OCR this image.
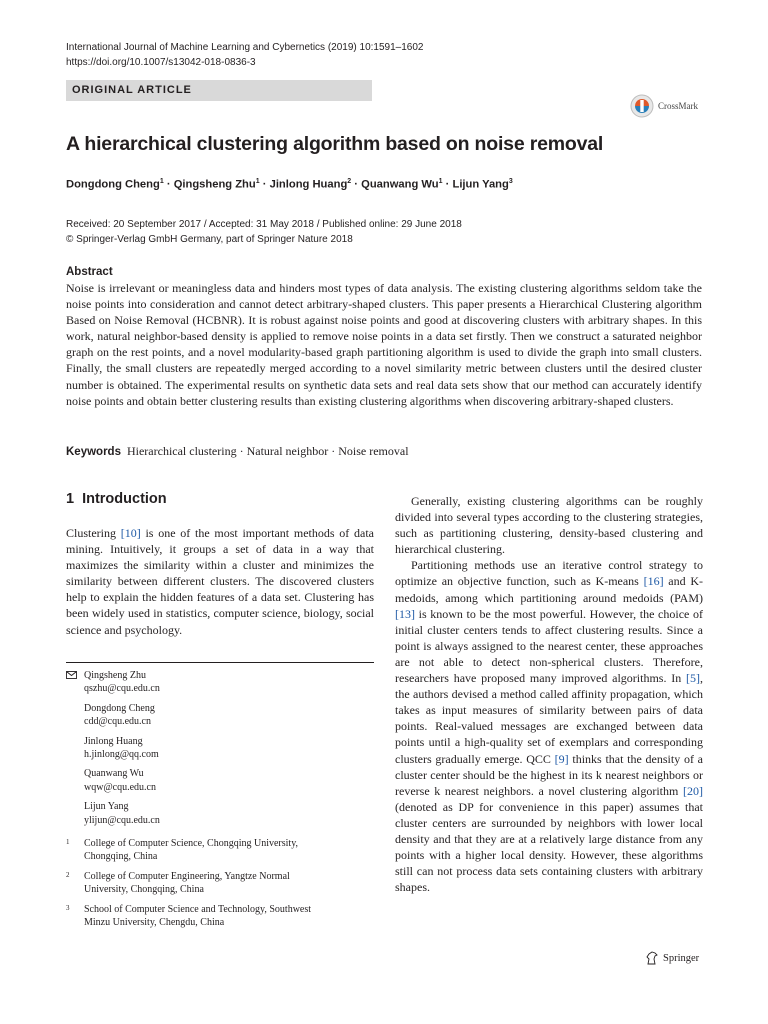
International Journal of Machine Learning and Cybernetics (2019) 10:1591–1602
https://doi.org/10.1007/s13042-018-0836-3
ORIGINAL ARTICLE
CrossMark
A hierarchical clustering algorithm based on noise removal
Dongdong Cheng$^1$ · Qingsheng Zhu$^1$ · Jinlong Huang$^2$ · Quanwang $Wu^1$ · Lijun Yang$^3$
Received: 20 September 2017 / Accepted: 31 May 2018 / Published online: 29 June 2018
© Springer-Verlag GmbH Germany, part of Springer Nature 2018
Abstract
Noise is irrelevant or meaningless data and hinders most types of data analysis. The existing clustering algorithms seldom take the noise points into consideration and cannot detect arbitrary-shaped clusters. This paper presents a Hierarchical Clustering algorithm Based on Noise Removal (HCBNR). It is robust against noise points and good at discovering clusters with arbitrary shapes. In this work, natural neighbor-based density is applied to remove noise points in a data set firstly. Then we construct a saturated neighbor graph on the rest points, and a novel modularity-based graph partitioning algorithm is used to divide the graph into small clusters. Finally, the small clusters are repeatedly merged according to a novel similarity metric between clusters until the desired cluster number is obtained. The experimental results on synthetic data sets and real data sets show that our method can accurately identify noise points and obtain better clustering results than existing clustering algorithms when discovering arbitrary-shaped clusters.
Keywords Hierarchical clustering · Natural neighbor · Noise removal
1 Introduction

Clustering [10] is one of the most important methods of data mining. Intuitively, it groups a set of data in a way that maximizes the similarity within a cluster and minimizes the similarity between different clusters. The discovered clusters help to explain the hidden features of a data set. Clustering has been widely used in statistics, computer science, biology, social science and psychology.

Qingsheng Zhu
qszhu@cqu.edu.cn
Dongdong Cheng
cdd@cqu.edu.cn
Jinlong Huang
h.jinlong@qq.com
Quanwang Wu
wqw@cqu.edu.cn
Lijun Yang
ylijun@cqu.edu.cn
1	College of Computer Science, Chongqing University, Chongqing, China
2	College of Computer Engineering, Yangtze Normal University, Chongqing, China
3	School of Computer Science and Technology, Southwest Minzu University, Chengdu, China

Generally, existing clustering algorithms can be roughly divided into several types according to the clustering strategies, such as partitioning clustering, density-based clustering and hierarchical clustering.

Partitioning methods use an iterative control strategy to optimize an objective function, such as K-means [16] and K-medoids, among which partitioning around medoids (PAM) [13] is known to be the most powerful. However, the choice of initial cluster centers tends to affect clustering results. Since a point is always assigned to the nearest center, these approaches are not able to detect non-spherical clusters. Therefore, researchers have proposed many improved algorithms. In [5], the authors devised a method called affinity propagation, which takes as input measures of similarity between pairs of data points. Real-valued messages are exchanged between data points until a high-quality set of exemplars and corresponding clusters gradually emerge. QCC [9] thinks that the density of a cluster center should be the highest in its k nearest neighbors or reverse k nearest neighbors. a novel clustering algorithm [20] (denoted as DP for convenience in this paper) assumes that cluster centers are surrounded by neighbors with lower local density and that they are at a relatively large distance from any points with a higher local density. However, these algorithms still can not process data sets containing clusters with arbitrary shapes.

Springer
